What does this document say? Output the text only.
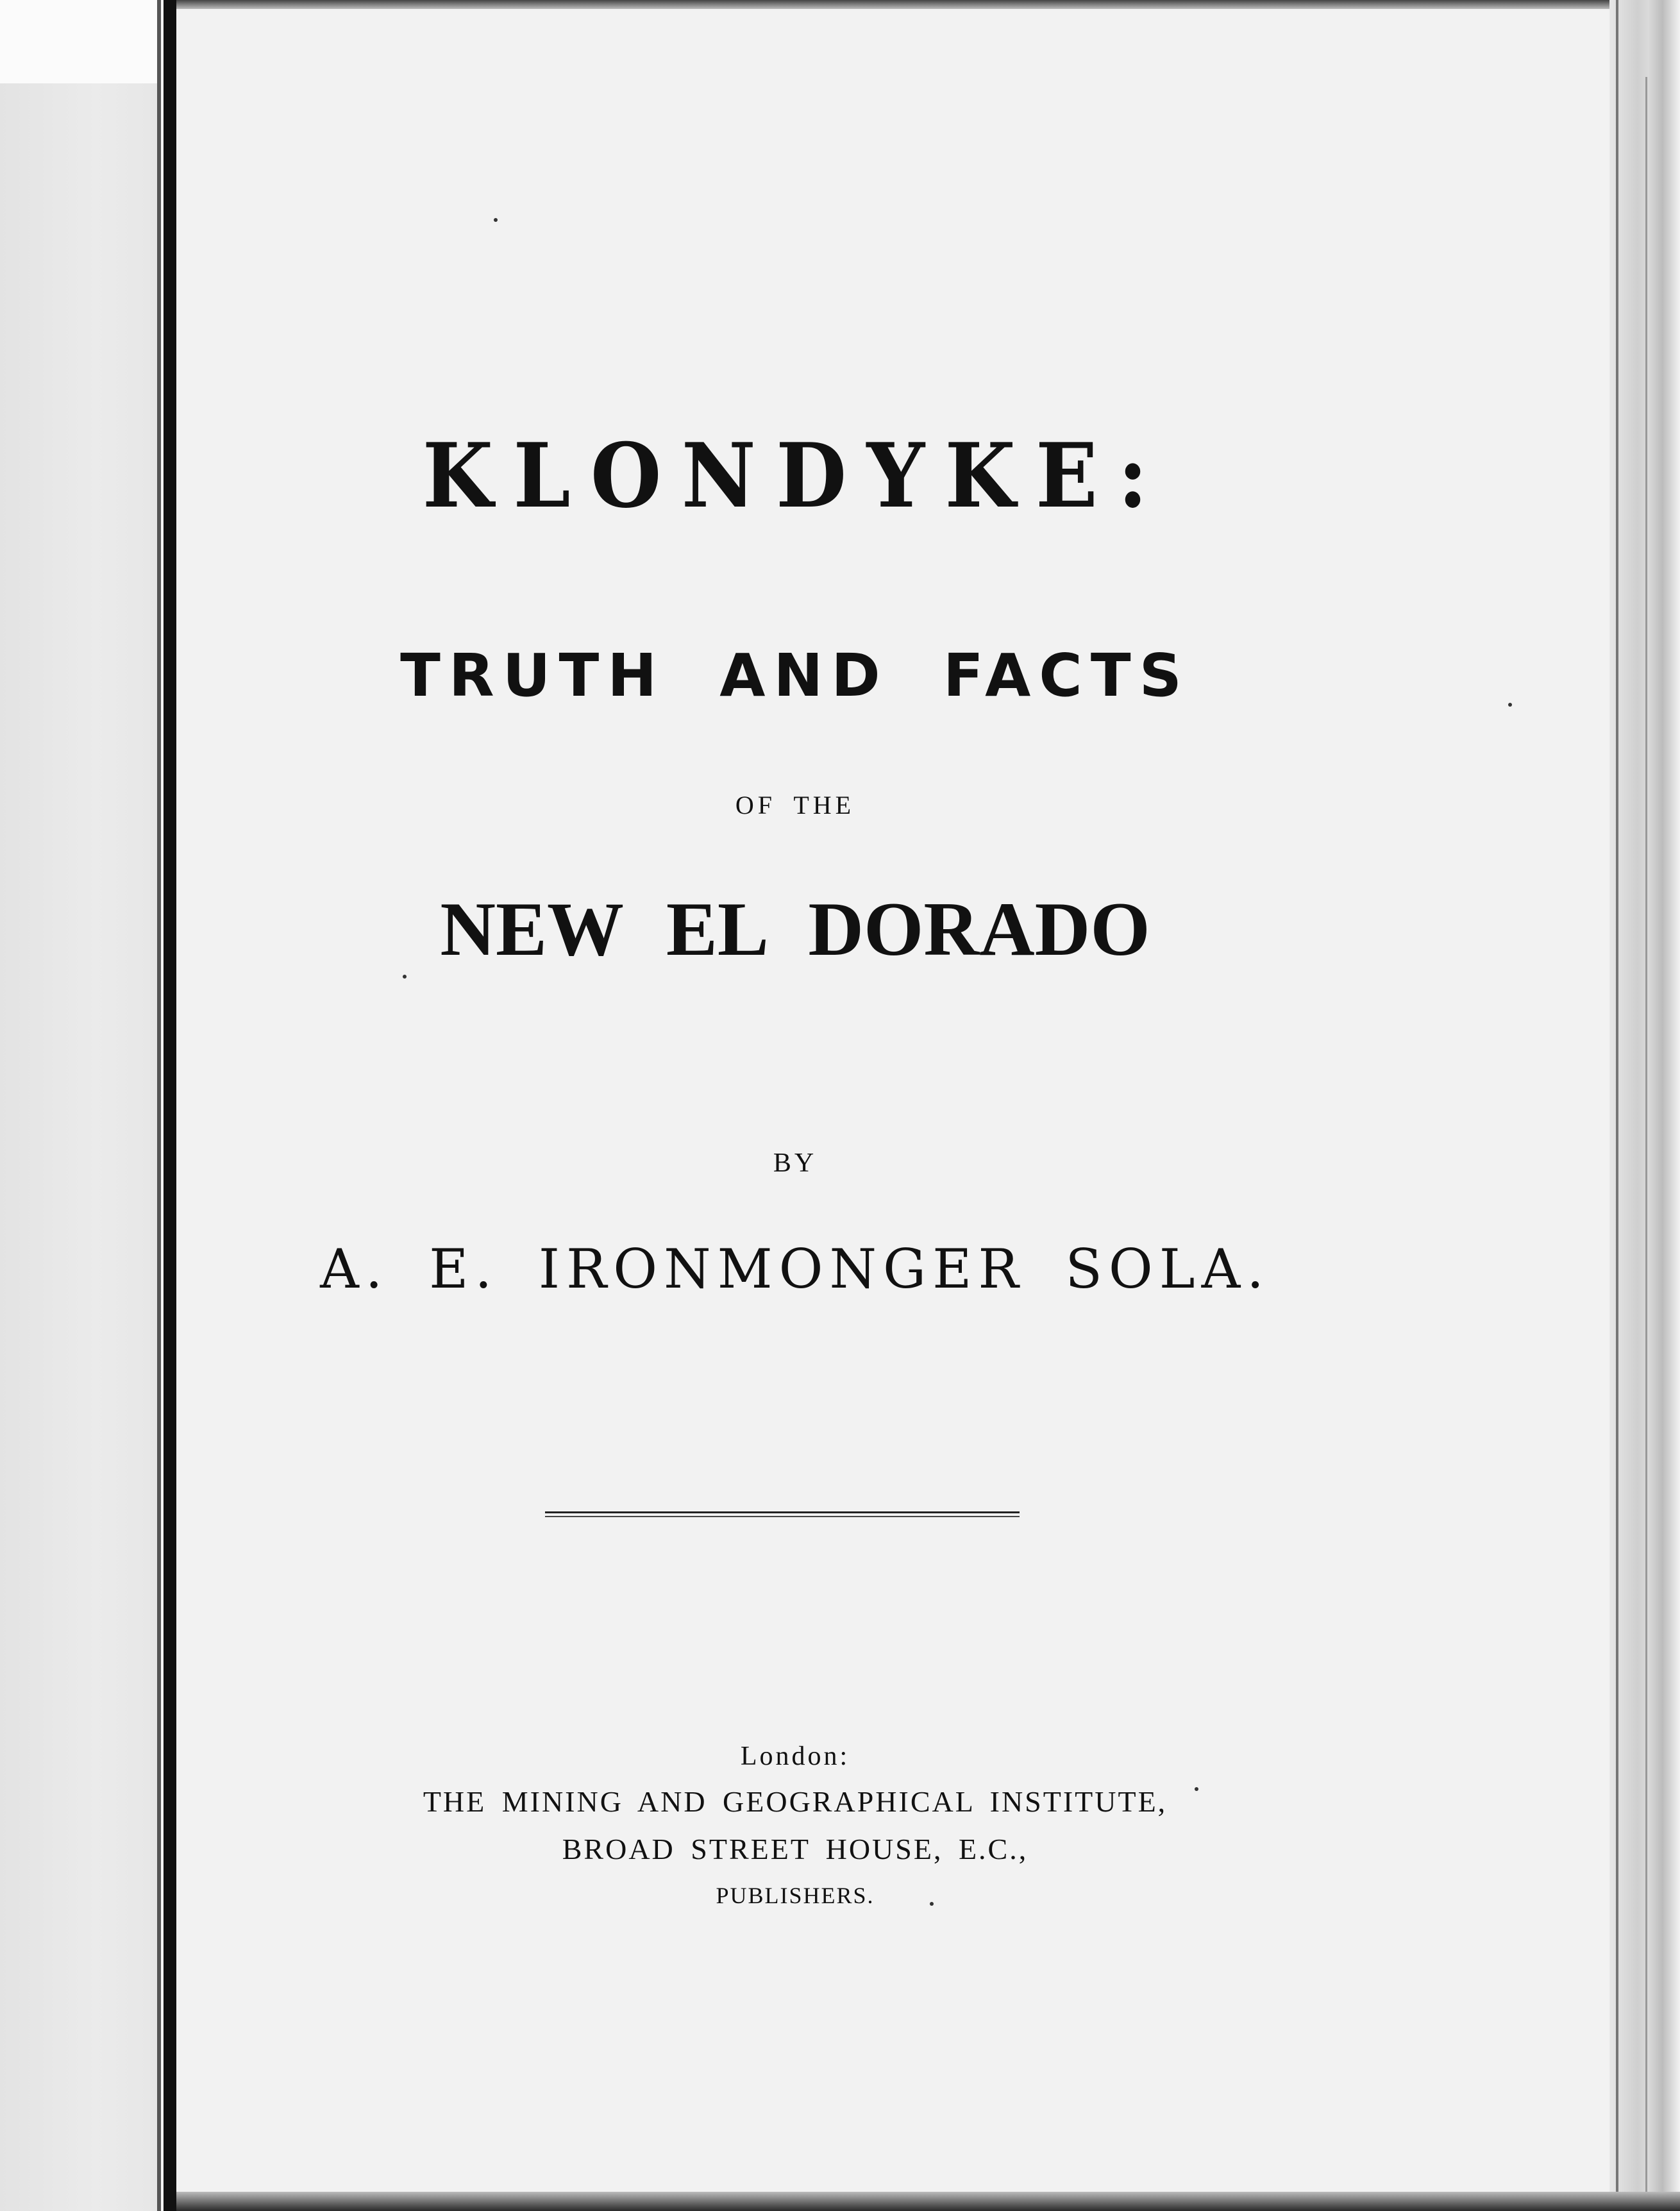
KLONDYKE:
TRUTH AND FACTS
OF THE
NEW EL DORADO
BY
A. E. IRONMONGER SOLA.
London:
THE MINING AND GEOGRAPHICAL INSTITUTE,
BROAD STREET HOUSE, E.C.,
PUBLISHERS.
